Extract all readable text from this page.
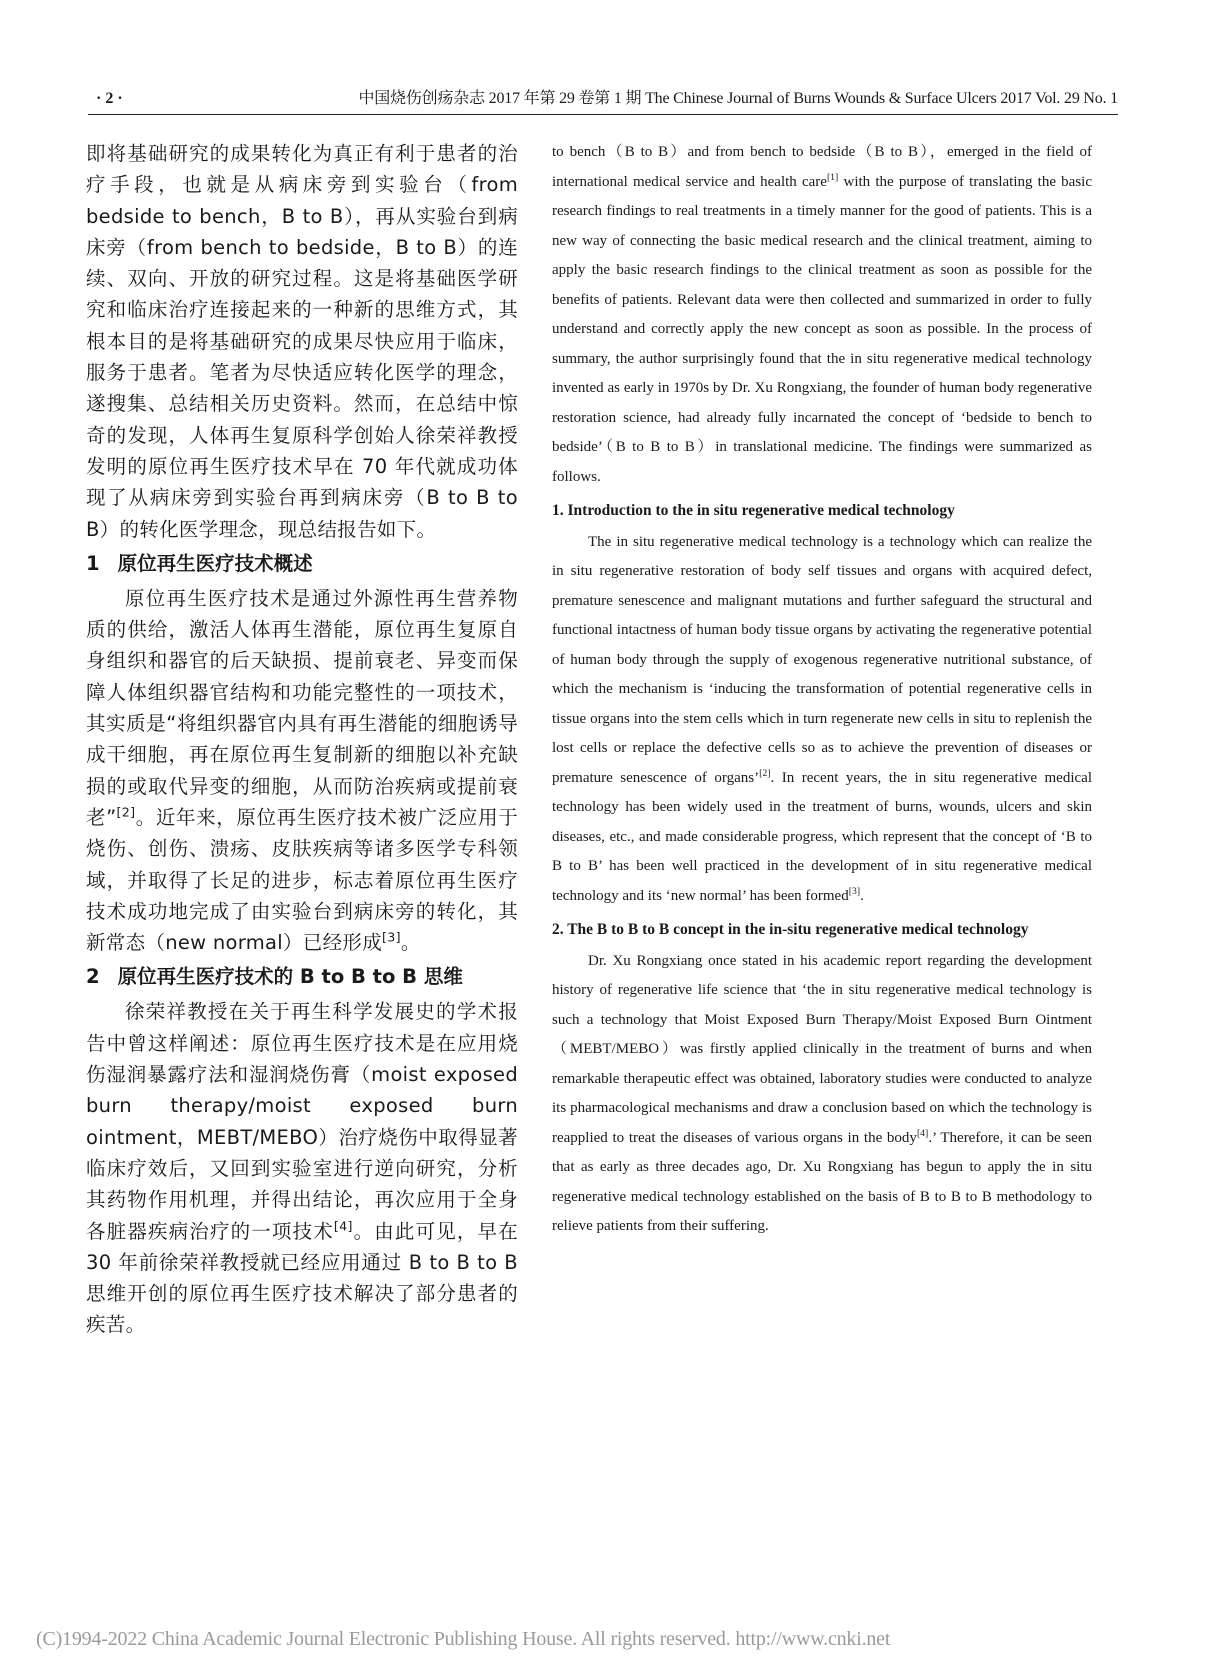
· 2 ·	中国烧伤创疡杂志 2017 年第 29 卷第 1 期 The Chinese Journal of Burns Wounds & Surface Ulcers 2017 Vol. 29 No. 1

即将基础研究的成果转化为真正有利于患者的治疗手段，也就是从病床旁到实验台（from bedside to bench，B to B），再从实验台到病床旁（from bench to bedside，B to B）的连续、双向、开放的研究过程。这是将基础医学研究和临床治疗连接起来的一种新的思维方式，其根本目的是将基础研究的成果尽快应用于临床，服务于患者。笔者为尽快适应转化医学的理念，遂搜集、总结相关历史资料。然而，在总结中惊奇的发现，人体再生复原科学创始人徐荣祥教授发明的原位再生医疗技术早在 70 年代就成功体现了从病床旁到实验台再到病床旁（B to B to B）的转化医学理念，现总结报告如下。

1 原位再生医疗技术概述

原位再生医疗技术是通过外源性再生营养物质的供给，激活人体再生潜能，原位再生复原自身组织和器官的后天缺损、提前衰老、异变而保障人体组织器官结构和功能完整性的一项技术，其实质是“将组织器官内具有再生潜能的细胞诱导成干细胞，再在原位再生复制新的细胞以补充缺损的或取代异变的细胞，从而防治疾病或提前衰老”[2]。近年来，原位再生医疗技术被广泛应用于烧伤、创伤、溃疡、皮肤疾病等诸多医学专科领域，并取得了长足的进步，标志着原位再生医疗技术成功地完成了由实验台到病床旁的转化，其新常态（new normal）已经形成[3]。

2 原位再生医疗技术的 B to B to B 思维

徐荣祥教授在关于再生科学发展史的学术报告中曾这样阐述：原位再生医疗技术是在应用烧伤湿润暴露疗法和湿润烧伤膏（moist exposed burn therapy/moist exposed burn ointment，MEBT/MEBO）治疗烧伤中取得显著临床疗效后，又回到实验室进行逆向研究，分析其药物作用机理，并得出结论，再次应用于全身各脏器疾病治疗的一项技术[4]。由此可见，早在 30 年前徐荣祥教授就已经应用通过 B to B to B 思维开创的原位再生医疗技术解决了部分患者的疾苦。

to bench（B to B）and from bench to bedside（B to B），emerged in the field of international medical service and health care[1] with the purpose of translating the basic research findings to real treatments in a timely manner for the good of patients. This is a new way of connecting the basic medical research and the clinical treatment, aiming to apply the basic research findings to the clinical treatment as soon as possible for the benefits of patients. Relevant data were then collected and summarized in order to fully understand and correctly apply the new concept as soon as possible. In the process of summary, the author surprisingly found that the in situ regenerative medical technology invented as early in 1970s by Dr. Xu Rongxiang, the founder of human body regenerative restoration science, had already fully incarnated the concept of ‘bedside to bench to bedside’（B to B to B）in translational medicine. The findings were summarized as follows.

1. Introduction to the in situ regenerative medical technology

The in situ regenerative medical technology is a technology which can realize the in situ regenerative restoration of body self tissues and organs with acquired defect, premature senescence and malignant mutations and further safeguard the structural and functional intactness of human body tissue organs by activating the regenerative potential of human body through the supply of exogenous regenerative nutritional substance, of which the mechanism is ‘inducing the transformation of potential regenerative cells in tissue organs into the stem cells which in turn regenerate new cells in situ to replenish the lost cells or replace the defective cells so as to achieve the prevention of diseases or premature senescence of organs’[2]. In recent years, the in situ regenerative medical technology has been widely used in the treatment of burns, wounds, ulcers and skin diseases, etc., and made considerable progress, which represent that the concept of ‘B to B to B’ has been well practiced in the development of in situ regenerative medical technology and its ‘new normal’ has been formed[3].

2. The B to B to B concept in the in-situ regenerative medical technology

Dr. Xu Rongxiang once stated in his academic report regarding the development history of regenerative life science that ‘the in situ regenerative medical technology is such a technology that Moist Exposed Burn Therapy/Moist Exposed Burn Ointment（MEBT/MEBO）was firstly applied clinically in the treatment of burns and when remarkable therapeutic effect was obtained, laboratory studies were conducted to analyze its pharmacological mechanisms and draw a conclusion based on which the technology is reapplied to treat the diseases of various organs in the body[4].’ Therefore, it can be seen that as early as three decades ago, Dr. Xu Rongxiang has begun to apply the in situ regenerative medical technology established on the basis of B to B to B methodology to relieve patients from their suffering.

(C)1994-2022 China Academic Journal Electronic Publishing House. All rights reserved. http://www.cnki.net
